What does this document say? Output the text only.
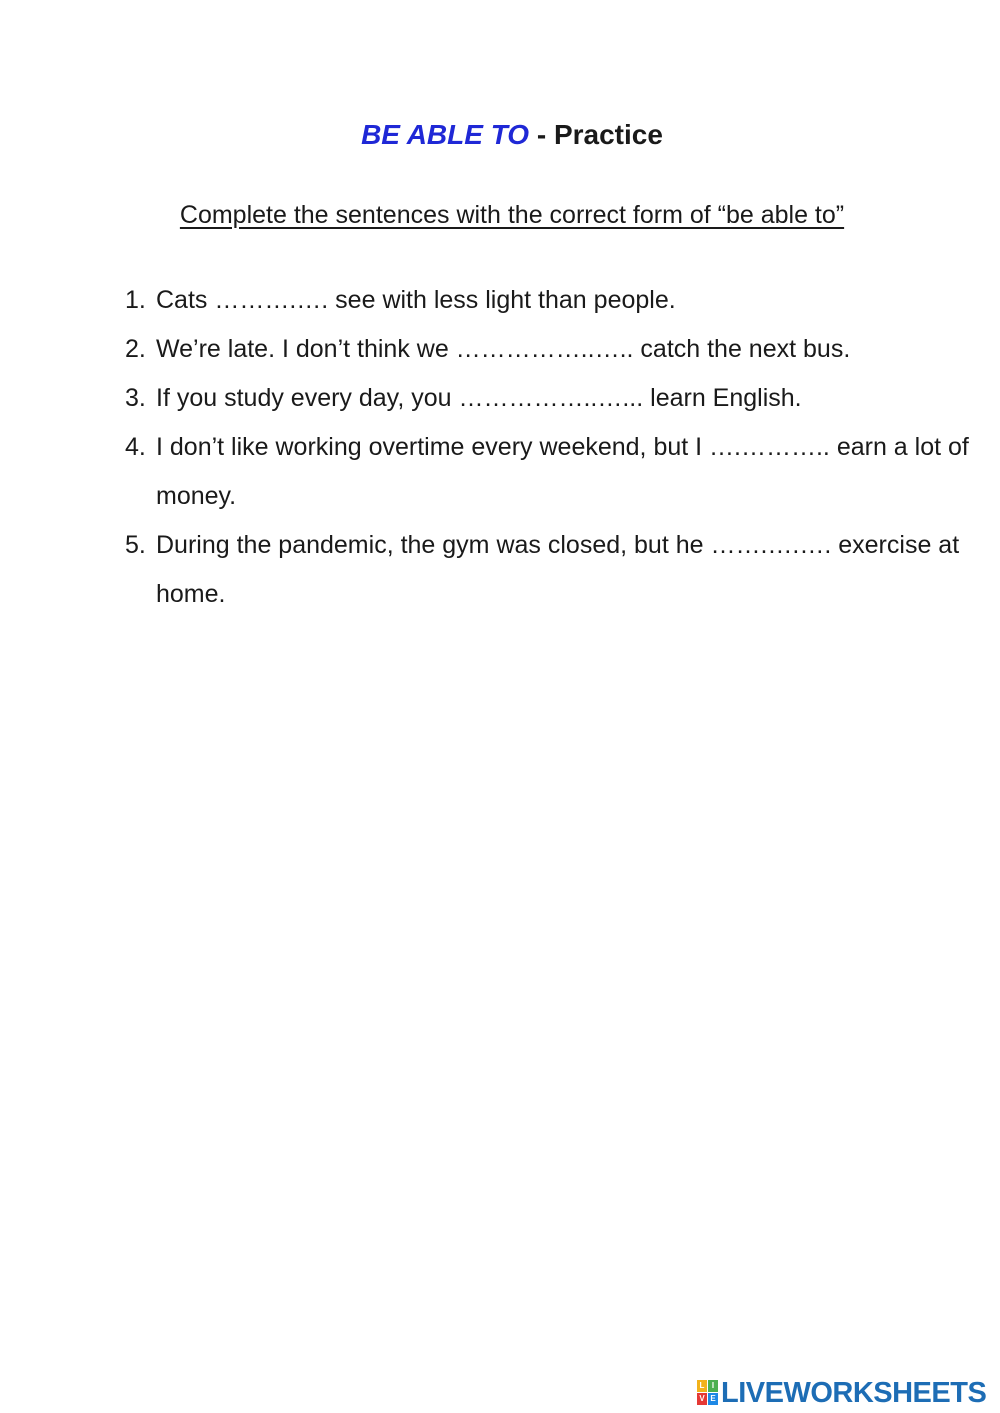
BE ABLE TO - Practice

Complete the sentences with the correct form of “be able to”

1. Cats ……….…. see with less light than people.
2. We’re late. I don’t think we ……………..….. catch the next bus.
3. If you study every day, you ……………..…... learn English.
4. I don’t like working overtime every weekend, but I ….……….. earn a lot of money.
5. During the pandemic, the gym was closed, but he …….….…. exercise at home.
L I
V E LIVEWORKSHEETS
